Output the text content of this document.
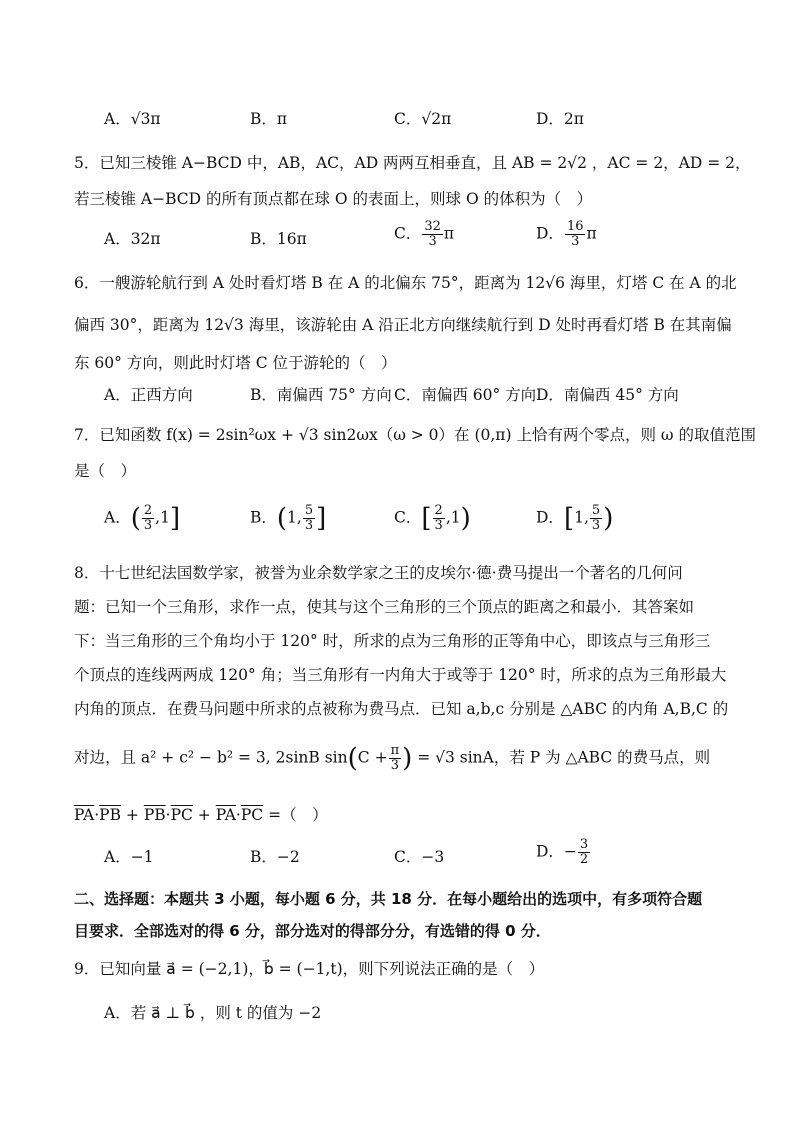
A．√3π	B．π	C．√2π	D．2π
5．已知三棱锥 A−BCD 中，AB，AC，AD 两两互相垂直，且 AB = 2√2 ，AC = 2，AD = 2，
若三棱锥 A−BCD 的所有顶点都在球 O 的表面上，则球 O 的体积为（　）
A．32π	B．16π	C． $\frac{32}{3}$ π	D． $\frac{16}{3}$ π
6．一艘游轮航行到 A 处时看灯塔 B 在 A 的北偏东 75°，距离为 12√6 海里，灯塔 C 在 A 的北
偏西 30°，距离为 12√3 海里，该游轮由 A 沿正北方向继续航行到 D 处时再看灯塔 B 在其南偏
东 60° 方向，则此时灯塔 C 位于游轮的（　）
A．正西方向	B．南偏西 75° 方向 C．南偏西 60° 方向 D．南偏西 45° 方向
7．已知函数 f(x) = 2sin²ωx + √3 sin2ωx（ω > 0）在 (0,π) 上恰有两个零点，则 ω 的取值范围
是（　）
A．( $\frac{2}{3} ,1$]	B．(1, $\frac{5}{3}$ ]	C．[ $\frac{2}{3} ,1$)	D．[1, $\frac{5}{3}$ )
8．十七世纪法国数学家，被誉为业余数学家之王的皮埃尔·德·费马提出一个著名的几何问
题：已知一个三角形，求作一点，使其与这个三角形的三个顶点的距离之和最小．其答案如
下：当三角形的三个角均小于 120° 时，所求的点为三角形的正等角中心，即该点与三角形三
个顶点的连线两两成 120° 角；当三角形有一内角大于或等于 120° 时，所求的点为三角形最大
内角的顶点．在费马问题中所求的点被称为费马点．已知 a,b,c 分别是 △ABC 的内角 A,B,C 的
对边，且 a² + c² − b² = 3, 2sinB $\sin(C + \frac{\pi}{3}$ ) = √3 sinA，若 P 为 △ABC 的费马点，则
$\overline{PA}\cdot\overline{PB} + \overline{PB}\cdot\overline{PC} + \overline{PA}\cdot\overline{PC}$ =（　）
A．−1	B．−2	C．−3	D．− $\frac{3}{2}$
二、选择题：本题共 3 小题，每小题 6 分，共 18 分．在每小题给出的选项中，有多项符合题
目要求．全部选对的得 6 分，部分选对的得部分分，有选错的得 0 分．
9．已知向量 a⃗ = (−2,1)，b⃗ = (−1,t)，则下列说法正确的是（　）
A．若 a⃗ ⊥ b⃗ ，则 t 的值为 −2
